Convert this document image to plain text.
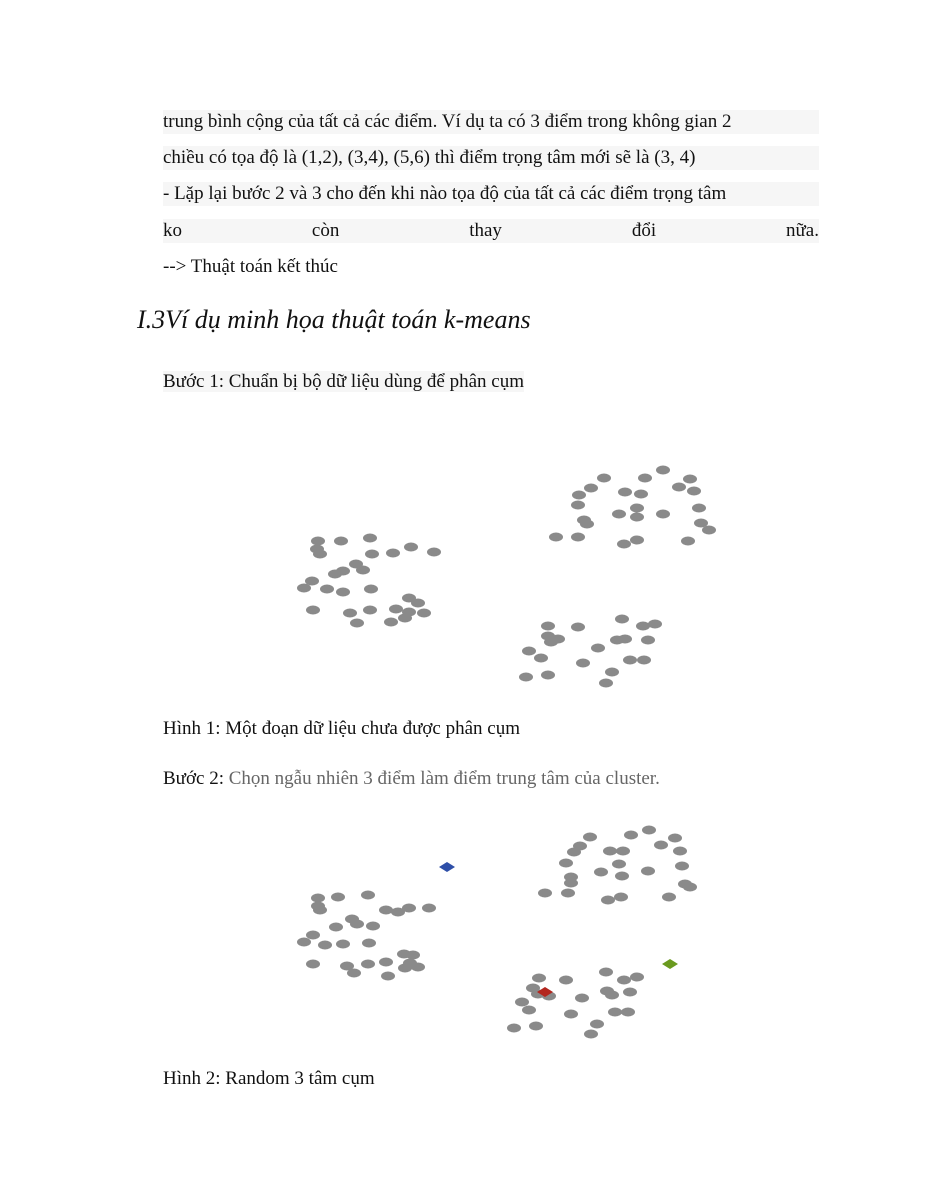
trung bình cộng của tất cả các điểm. Ví dụ ta có 3 điểm trong không gian 2
chiều có tọa độ là (1,2), (3,4), (5,6) thì điểm trọng tâm mới sẽ là (3, 4)
- Lặp lại bước 2 và 3 cho đến khi nào tọa độ của tất cả các điểm trọng tâm
ko	còn	thay	đổi	nữa.
--> Thuật toán kết thúc
I.3Ví dụ minh họa thuật toán k-means
Bước 1: Chuẩn bị bộ dữ liệu dùng để phân cụm
Hình 1: Một đoạn dữ liệu chưa được phân cụm
Bước 2: Chọn ngẫu nhiên 3 điểm làm điểm trung tâm của cluster.
Hình 2: Random 3 tâm cụm
